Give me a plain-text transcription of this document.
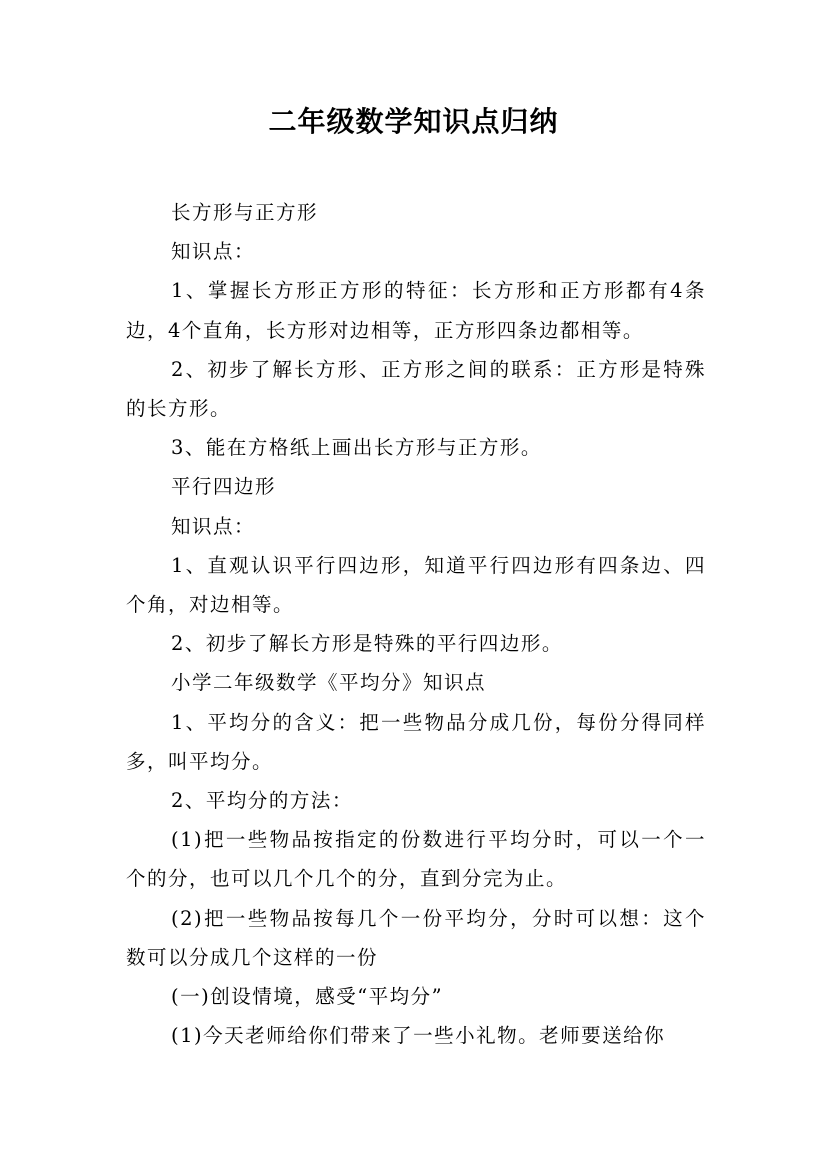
二年级数学知识点归纳

长方形与正方形

知识点：

1、掌握长方形正方形的特征：长方形和正方形都有4条边，4个直角，长方形对边相等，正方形四条边都相等。

2、初步了解长方形、正方形之间的联系：正方形是特殊的长方形。

3、能在方格纸上画出长方形与正方形。

平行四边形

知识点：

1、直观认识平行四边形，知道平行四边形有四条边、四个角，对边相等。

2、初步了解长方形是特殊的平行四边形。

小学二年级数学《平均分》知识点

1、平均分的含义：把一些物品分成几份，每份分得同样多，叫平均分。

2、平均分的方法：

(1)把一些物品按指定的份数进行平均分时，可以一个一个的分，也可以几个几个的分，直到分完为止。

(2)把一些物品按每几个一份平均分，分时可以想：这个数可以分成几个这样的一份

(一)创设情境，感受“平均分”

(1)今天老师给你们带来了一些小礼物。老师要送给你
